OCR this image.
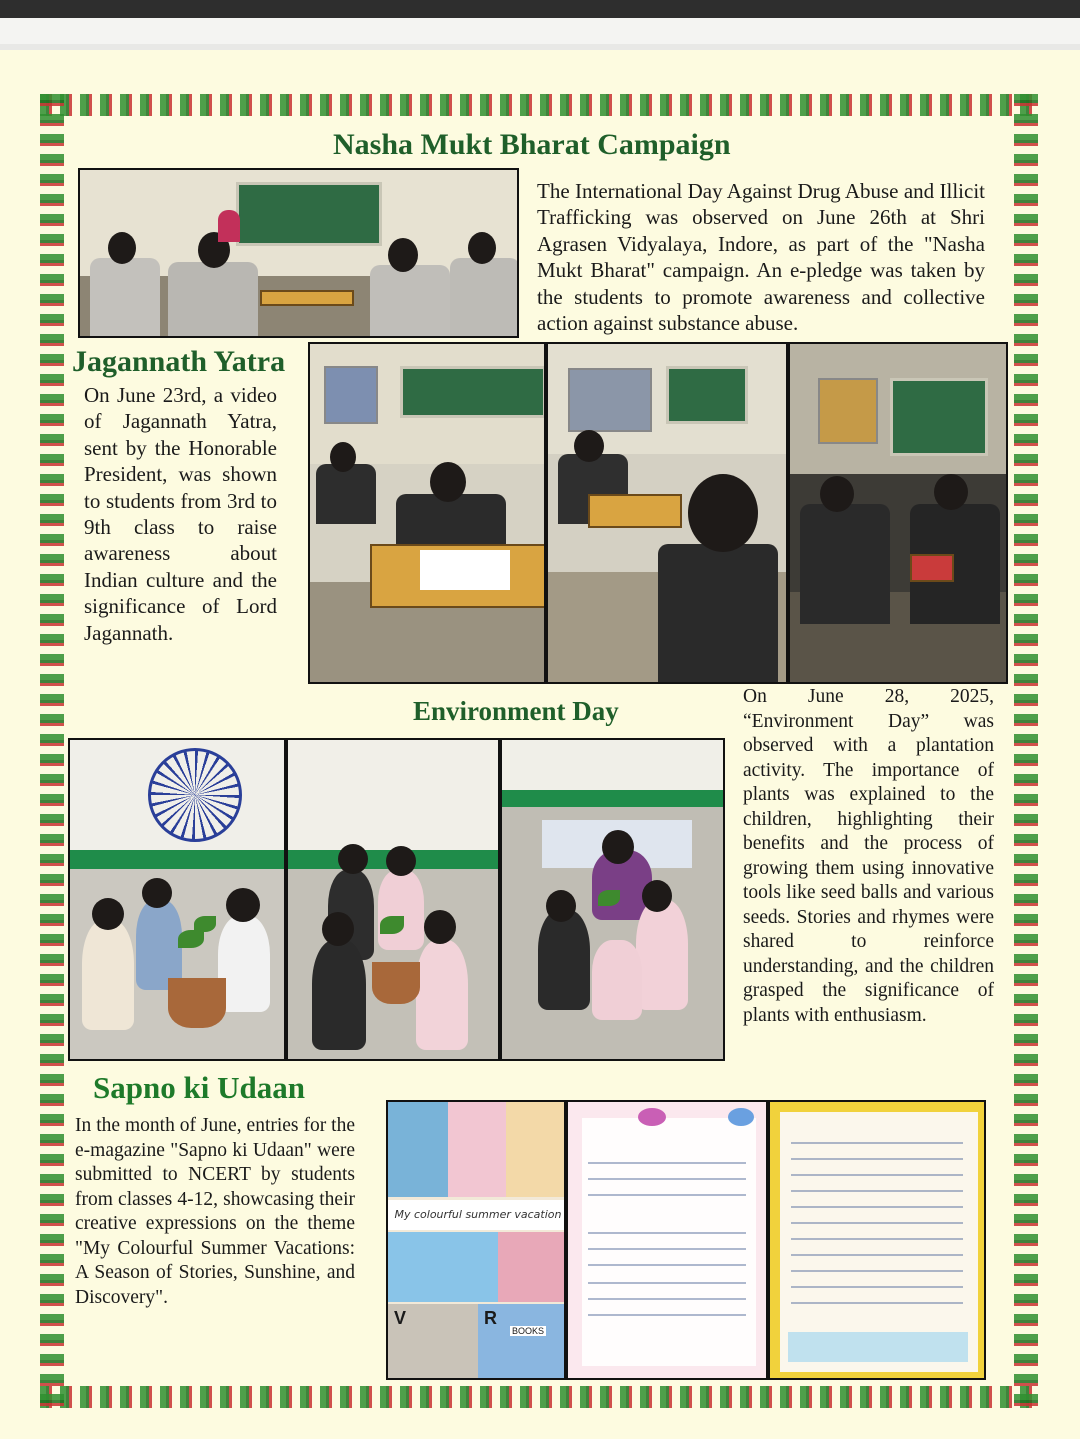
Nasha Mukt Bharat Campaign
The International Day Against Drug Abuse and Illicit Trafficking was observed on June 26th at Shri Agrasen Vidyalaya, Indore, as part of the "Nasha Mukt Bharat" campaign. An e-pledge was taken by the students to promote awareness and collective action against substance abuse.
Jagannath Yatra
On June 23rd, a video of Jagannath Yatra, sent by the Honorable President, was shown to students from 3rd to 9th class to raise awareness about Indian culture and the significance of Lord Jagannath.
Environment Day	On June 28, 2025, “Environment Day” was observed with a plantation activity. The importance of plants was explained to the children, highlighting their benefits and the process of growing them using innovative tools like seed balls and various seeds. Stories and rhymes were shared to reinforce understanding, and the children grasped the significance of plants with enthusiasm.
Sapno ki Udaan
In the month of June, entries for the e-magazine "Sapno ki Udaan" were submitted to NCERT by students from classes 4-12, showcasing their creative expressions on the theme "My Colourful Summer Vacations: A Season of Stories, Sunshine, and Discovery".
My colourful summer vacation
V	R
BOOKS
